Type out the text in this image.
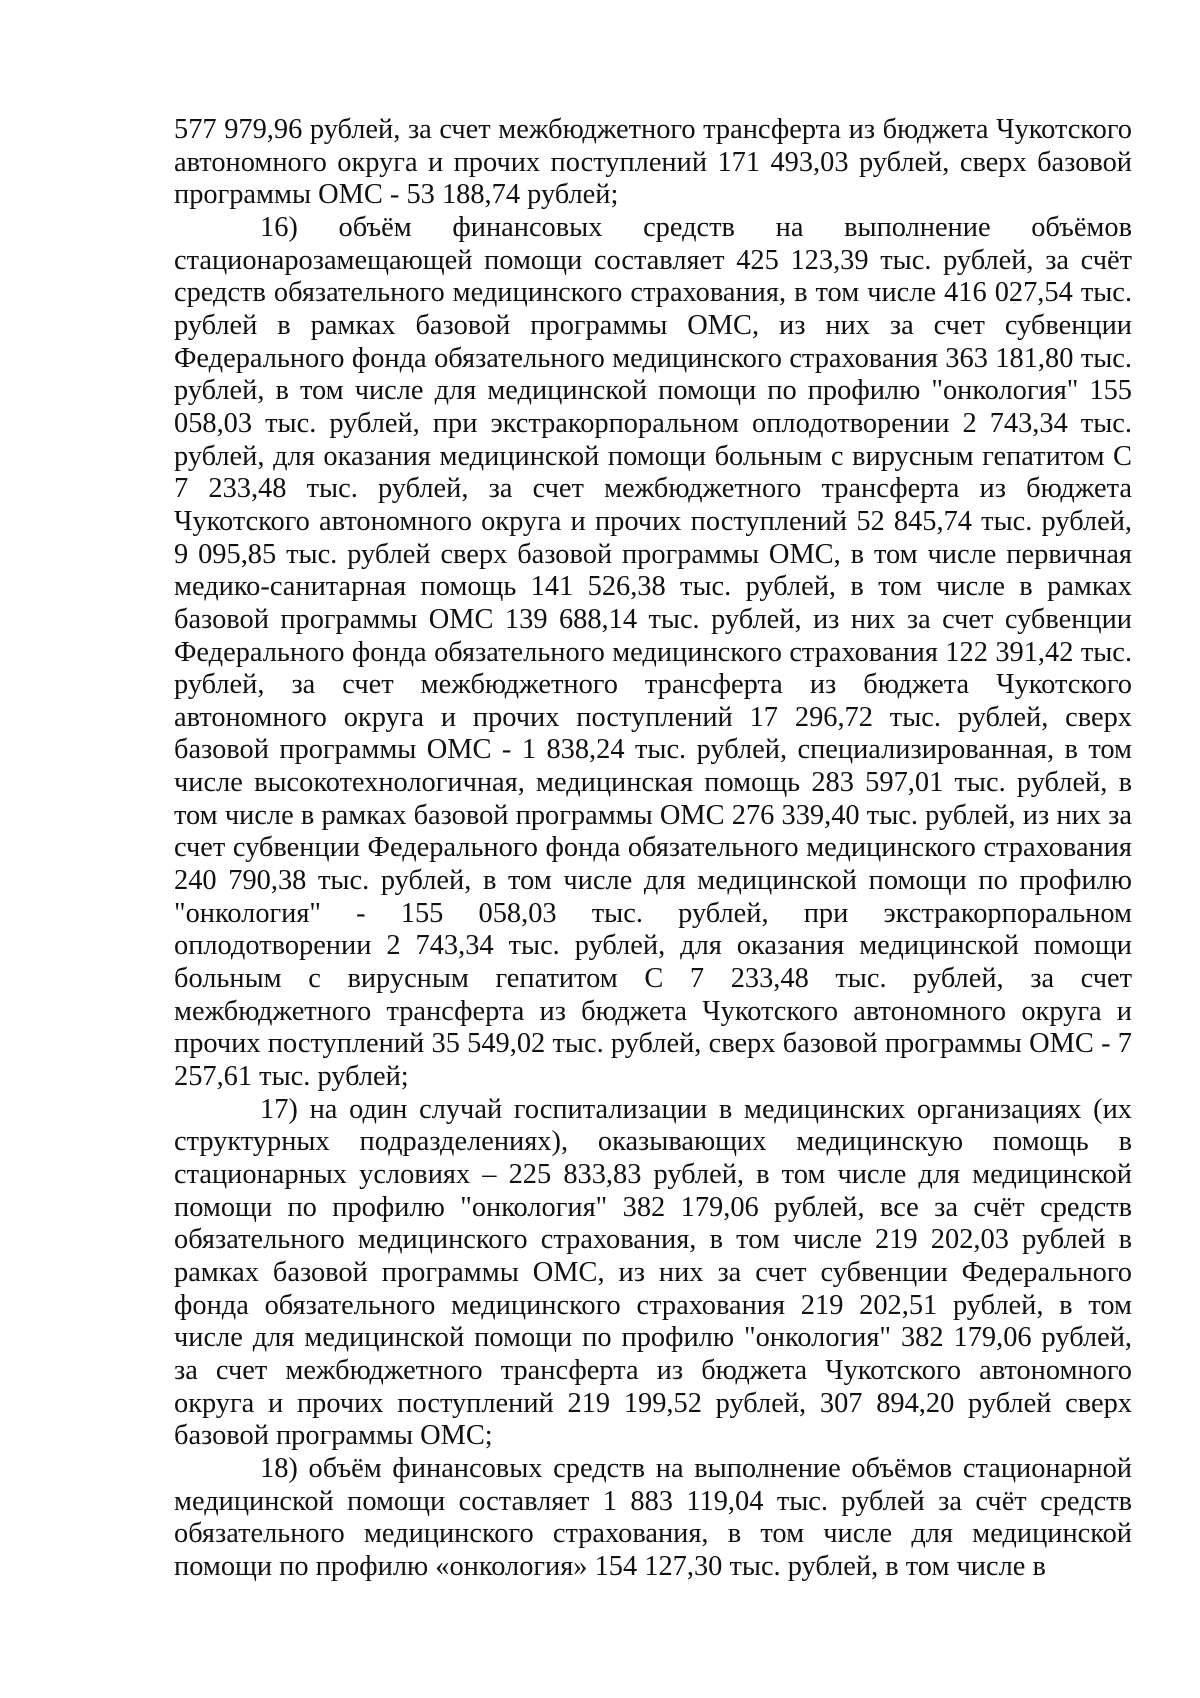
577 979,96 рублей, за счет межбюджетного трансферта из бюджета Чукотского автономного округа и прочих поступлений 171 493,03 рублей, сверх базовой программы ОМС - 53 188,74 рублей;

16) объём финансовых средств на выполнение объёмов стационарозамещающей помощи составляет 425 123,39 тыс. рублей, за счёт средств обязательного медицинского страхования, в том числе 416 027,54 тыс. рублей в рамках базовой программы ОМС, из них за счет субвенции Федерального фонда обязательного медицинского страхования 363 181,80 тыс. рублей, в том числе для медицинской помощи по профилю "онкология" 155 058,03 тыс. рублей, при экстракорпоральном оплодотворении 2 743,34 тыс. рублей, для оказания медицинской помощи больным с вирусным гепатитом С 7 233,48 тыс. рублей, за счет межбюджетного трансферта из бюджета Чукотского автономного округа и прочих поступлений 52 845,74 тыс. рублей, 9 095,85 тыс. рублей сверх базовой программы ОМС, в том числе первичная медико-санитарная помощь 141 526,38 тыс. рублей, в том числе в рамках базовой программы ОМС 139 688,14 тыс. рублей, из них за счет субвенции Федерального фонда обязательного медицинского страхования 122 391,42 тыс. рублей, за счет межбюджетного трансферта из бюджета Чукотского автономного округа и прочих поступлений 17 296,72 тыс. рублей, сверх базовой программы ОМС - 1 838,24 тыс. рублей, специализированная, в том числе высокотехнологичная, медицинская помощь 283 597,01 тыс. рублей, в том числе в рамках базовой программы ОМС 276 339,40 тыс. рублей, из них за счет субвенции Федерального фонда обязательного медицинского страхования 240 790,38 тыс. рублей, в том числе для медицинской помощи по профилю "онкология" - 155 058,03 тыс. рублей, при экстракорпоральном оплодотворении 2 743,34 тыс. рублей, для оказания медицинской помощи больным с вирусным гепатитом С 7 233,48 тыс. рублей, за счет межбюджетного трансферта из бюджета Чукотского автономного округа и прочих поступлений 35 549,02 тыс. рублей, сверх базовой программы ОМС - 7 257,61 тыс. рублей;

17) на один случай госпитализации в медицинских организациях (их структурных подразделениях), оказывающих медицинскую помощь в стационарных условиях – 225 833,83 рублей, в том числе для медицинской помощи по профилю "онкология" 382 179,06 рублей, все за счёт средств обязательного медицинского страхования, в том числе 219 202,03 рублей в рамках базовой программы ОМС, из них за счет субвенции Федерального фонда обязательного медицинского страхования 219 202,51 рублей, в том числе для медицинской помощи по профилю "онкология" 382 179,06 рублей, за счет межбюджетного трансферта из бюджета Чукотского автономного округа и прочих поступлений 219 199,52 рублей, 307 894,20 рублей сверх базовой программы ОМС;

18) объём финансовых средств на выполнение объёмов стационарной медицинской помощи составляет 1 883 119,04 тыс. рублей за счёт средств обязательного медицинского страхования, в том числе для медицинской помощи по профилю «онкология» 154 127,30 тыс. рублей, в том числе в
